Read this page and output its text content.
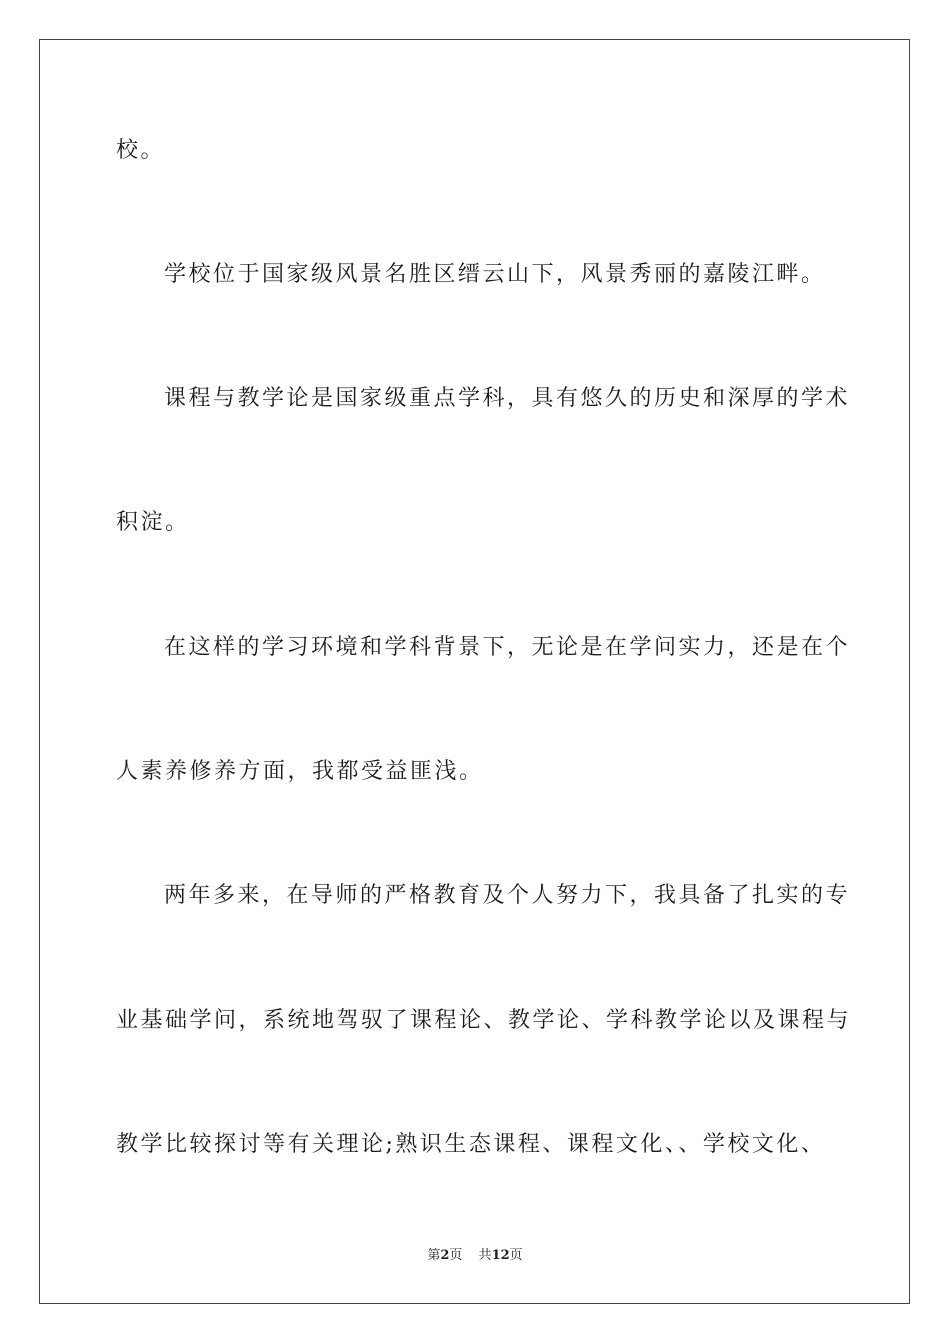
校。
学校位于国家级风景名胜区缙云山下，风景秀丽的嘉陵江畔。
课程与教学论是国家级重点学科，具有悠久的历史和深厚的学术
积淀。
在这样的学习环境和学科背景下，无论是在学问实力，还是在个
人素养修养方面，我都受益匪浅。
两年多来，在导师的严格教育及个人努力下，我具备了扎实的专
业基础学问，系统地驾驭了课程论、教学论、学科教学论以及课程与
教学比较探讨等有关理论;熟识生态课程、课程文化、、学校文化、
第2页 共12页
